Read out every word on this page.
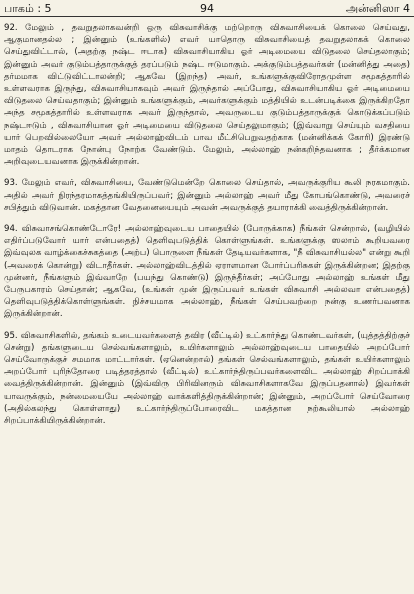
பாகம் : 5	94	அன்னிஸா 4

92. மேலும் , தவறுதலாகவன்றி ஒரு விசுவாசிக்கு மற்றொரு விசுவாசியைக் கொலை செய்வது, ஆகுமானதல்ல ; இன்னும் (உங்களில்) எவர் யாதொரு விசுவாசியைத் தவறுதலாகக் கொலை செய்துவிட்டால், (அதற்கு நஷ்ட ஈடாக) விசுவாசியாகிய ஓர் அடிமையை விடுதலை செய்தலாகும்; இன்னும் அவர் குடும்பத்தாருக்குத் தரப்படும் நஷ்ட ஈடுமாகும். அக்குடும்பத்தவர்கள் (மன்னித்து அதை) தர்மமாக விட்டுவிட்டாலன்றி; ஆகவே (இறந்த) அவர், உங்களுக்குவிரோதமுள்ள சமூகத்தாரில் உள்ளவராக இருந்து, விசுவாசியாகவும் அவர் இருந்தால் அப்போது, விசுவாசியாகிய ஓர் அடிமையை விடுதலை செய்வதாகும்; இன்னும் உங்களுக்கும், அவர்களுக்கும் மத்தியில் உடன்படிக்கை இருக்கிறதோ அந்த சமூகத்தாரில் உள்ளவராக அவர் இருந்தால், அவருடைய குடும்பத்தாருக்குக் கொடுக்கப்படும் நஷ்டஈடும் , விசுவாசியான ஓர் அடிமையை விடுதலை செய்தலுமாகும்; (இவ்வாறு செய்யும் வசதியை யார் பெறவில்லையோ அவர் அல்லாஹ்விடம் பாவ மீட்சிபெறுவதற்காக (மன்னிக்கக் கோரி) இரண்டு மாதம் தொடராக நோன்பு நோற்க வேண்டும். மேலும், அல்லாஹ் நன்கறிந்தவனாக ; தீர்க்கமான அறிவுடையவனாக இருக்கின்றான்.

93. மேலும் எவர், விசுவாசியை, வேண்டுமென்றே கொலை செய்தால், அவருக்குரிய கூலி நரகமாகும். அதில் அவர் நிரந்தரமாகத்தங்கியிருப்பவர்; இன்னும் அல்லாஹ் அவர் மீது கோபங்கொண்டு, அவரைச் சபித்தும் விடுவான். மகத்தான வேதனையையும் அவன் அவருக்குத் தயாராக்கி வைத்திருக்கின்றான்.

94. விசுவாசங்கொண்டோரே! அல்லாஹ்வுடைய பாதையில் (போருக்காக) நீங்கள் சென்றால், (வழியில் எதிர்ப்படுவோர் யார் என்பதைத்) தெளிவுபடுத்திக் கொள்ளுங்கள். உங்களுக்கு ஸலாம் கூறியவரை இவ்வுலக வாழ்க்கைச்சுகத்தை (அற்ப) பொருளை நீங்கள் தேடியவர்களாக, "நீ விசுவாசியல்ல" என்று கூறி (அவரைக் கொன்று) விடாதீர்கள். அல்லாஹ்விடத்தில் ஏராளமான போர்ப்பரிசுகள் இருக்கின்றன; இதற்கு முன்னர், நீங்களும் இவ்வாறே (பயந்து கொண்டு) இருந்தீர்கள்; அப்போது அல்லாஹ் உங்கள் மீது பேருபகாரம் செய்தான்; ஆகவே, (உங்கள் முன் இருப்பவர் உங்கள் விசுவாசி அல்லவா என்பதைத்) தெளிவுபடுத்திக்கொள்ளுங்கள். நிச்சயமாக அல்லாஹ், நீங்கள் செய்பவற்றை நன்கு உணர்பவனாக இருக்கின்றான்.

95. விசுவாசிகளில், தங்கம் உடையவர்களைத் தவிர (வீட்டில்) உட்கார்ந்து கொண்டவர்கள், (யுத்தத்திற்குச் சென்று) தங்களுடைய செல்வங்களாலும், உயிர்களாலும் அல்லாஹ்வுடைய பாதையில் அறப்போர் செய்வோருக்குச் சமமாக மாட்டார்கள். (ஏனென்றால்) தங்கள் செல்வங்களாலும், தங்கள் உயிர்களாலும் அறப்போர் புரிந்தோரை படித்தரத்தால் (வீட்டில்) உட்கார்ந்திருப்பவர்களைவிட அல்லாஹ் சிறப்பாக்கி வைத்திருக்கின்றான். இன்னும் (இவ்விரு பிரிவினரும் விசுவாசிகளாகவே இருப்பதனால்) இவர்கள் யாவருக்கும், நன்மையையே அல்லாஹ் வாக்களித்திருக்கின்றான்; இன்னும், அறப்போர் செய்வோரை (அதில்கலந்து கொள்ளாது) உட்கார்ந்திருப்போரைவிட மகத்தான நற்கூலியால் அல்லாஹ் சிறப்பாக்கியிருக்கின்றான்.
